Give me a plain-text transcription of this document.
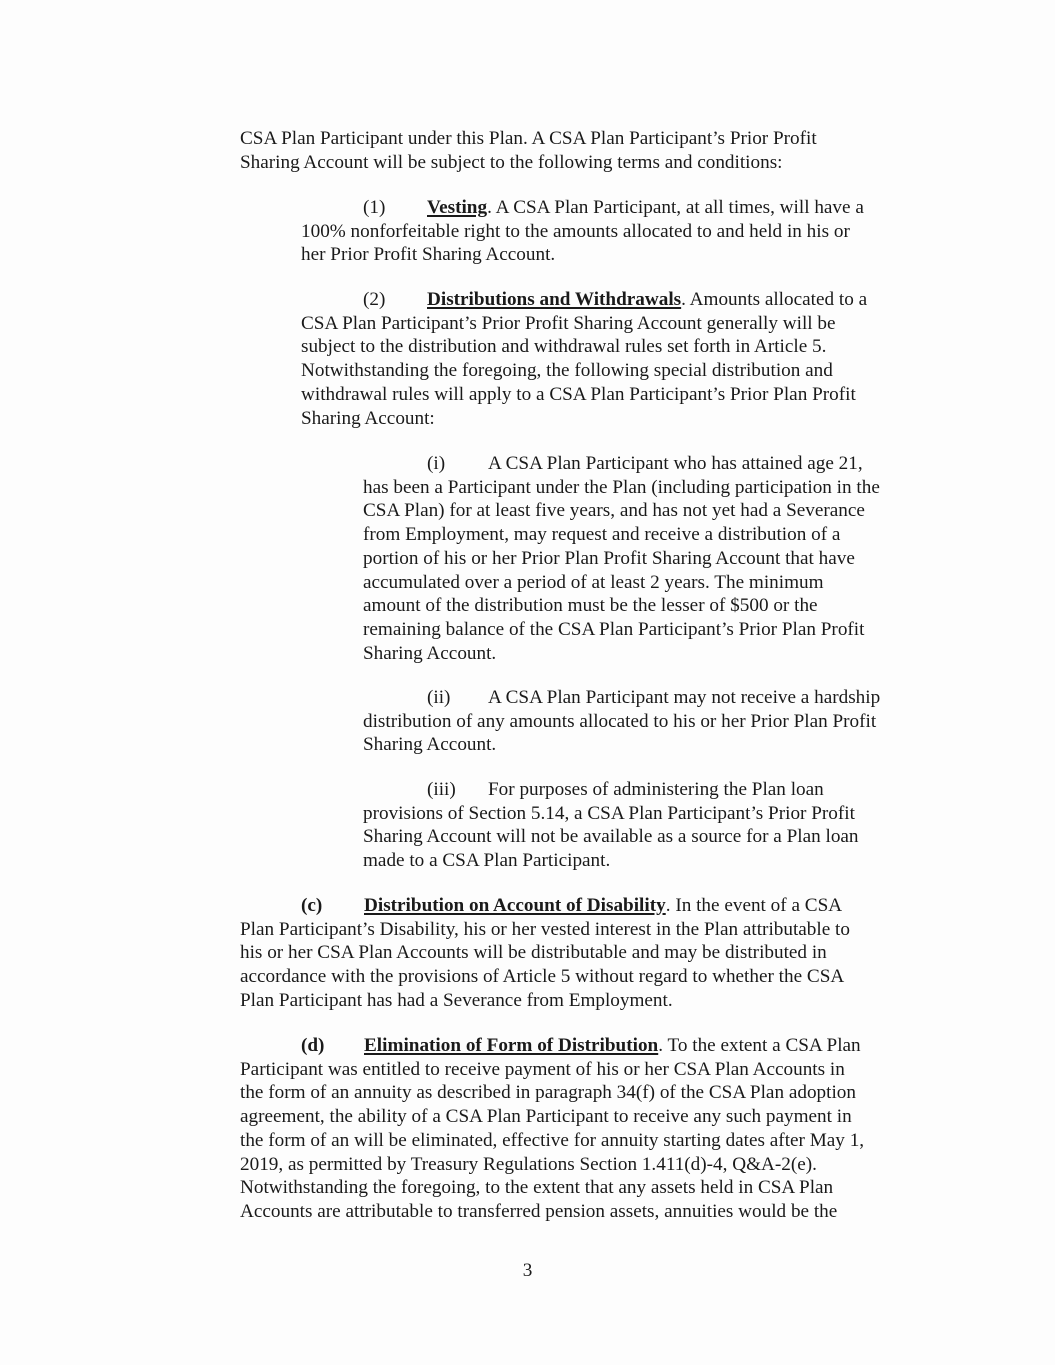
CSA Plan Participant under this Plan. A CSA Plan Participant’s Prior Profit
Sharing Account will be subject to the following terms and conditions:
(1) Vesting. A CSA Plan Participant, at all times, will have a
100% nonforfeitable right to the amounts allocated to and held in his or
her Prior Profit Sharing Account.
(2) Distributions and Withdrawals. Amounts allocated to a
CSA Plan Participant’s Prior Profit Sharing Account generally will be
subject to the distribution and withdrawal rules set forth in Article 5.
Notwithstanding the foregoing, the following special distribution and
withdrawal rules will apply to a CSA Plan Participant’s Prior Plan Profit
Sharing Account:
(i) A CSA Plan Participant who has attained age 21,
has been a Participant under the Plan (including participation in the
CSA Plan) for at least five years, and has not yet had a Severance
from Employment, may request and receive a distribution of a
portion of his or her Prior Plan Profit Sharing Account that have
accumulated over a period of at least 2 years. The minimum
amount of the distribution must be the lesser of $500 or the
remaining balance of the CSA Plan Participant’s Prior Plan Profit
Sharing Account.
(ii) A CSA Plan Participant may not receive a hardship
distribution of any amounts allocated to his or her Prior Plan Profit
Sharing Account.
(iii) For purposes of administering the Plan loan
provisions of Section 5.14, a CSA Plan Participant’s Prior Profit
Sharing Account will not be available as a source for a Plan loan
made to a CSA Plan Participant.
(c) Distribution on Account of Disability. In the event of a CSA
Plan Participant’s Disability, his or her vested interest in the Plan attributable to
his or her CSA Plan Accounts will be distributable and may be distributed in
accordance with the provisions of Article 5 without regard to whether the CSA
Plan Participant has had a Severance from Employment.
(d) Elimination of Form of Distribution. To the extent a CSA Plan
Participant was entitled to receive payment of his or her CSA Plan Accounts in
the form of an annuity as described in paragraph 34(f) of the CSA Plan adoption
agreement, the ability of a CSA Plan Participant to receive any such payment in
the form of an will be eliminated, effective for annuity starting dates after May 1,
2019, as permitted by Treasury Regulations Section 1.411(d)-4, Q&A-2(e).
Notwithstanding the foregoing, to the extent that any assets held in CSA Plan
Accounts are attributable to transferred pension assets, annuities would be the
3
